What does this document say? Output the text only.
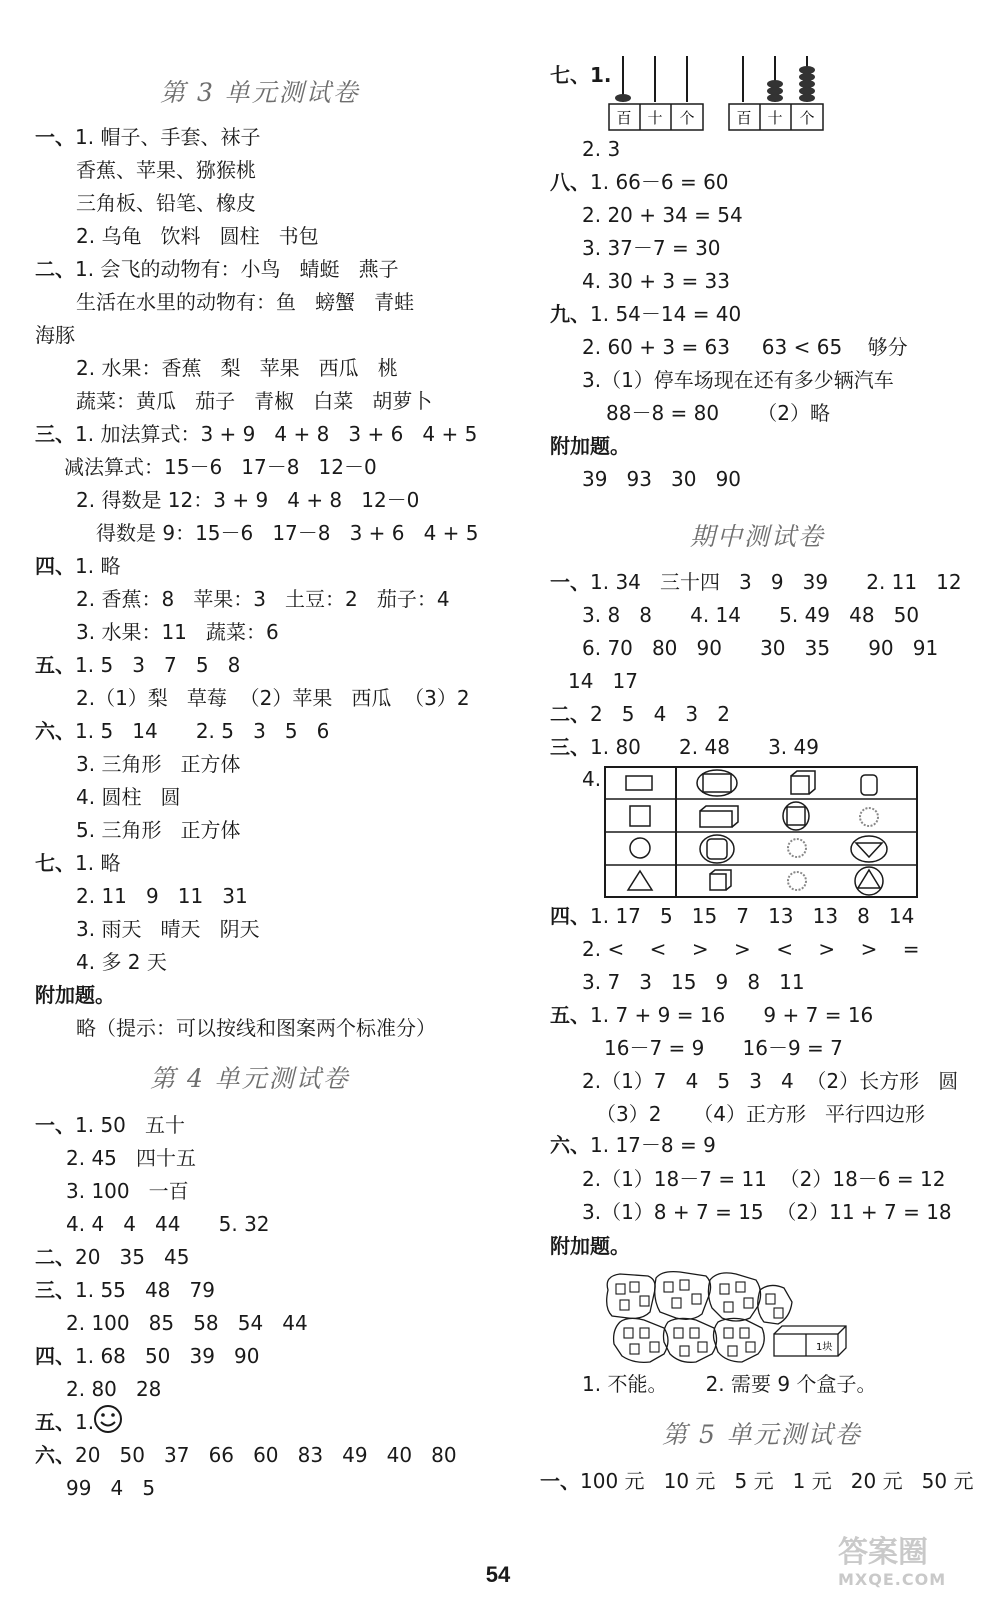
第 3 单元测试卷
一、1. 帽子、手套、袜子
香蕉、苹果、猕猴桃
三角板、铅笔、橡皮
2. 乌龟   饮料   圆柱   书包
二、1. 会飞的动物有：小鸟   蜻蜓   燕子
生活在水里的动物有：鱼   螃蟹   青蛙
海豚
2. 水果：香蕉   梨   苹果   西瓜   桃
蔬菜：黄瓜   茄子   青椒   白菜   胡萝卜
三、1. 加法算式：3 + 9   4 + 8   3 + 6   4 + 5
减法算式：15－6   17－8   12－0
2. 得数是 12：3 + 9   4 + 8   12－0
得数是 9：15－6   17－8   3 + 6   4 + 5
四、1. 略
2. 香蕉：8   苹果：3   土豆：2   茄子：4
3. 水果：11   蔬菜：6
五、1. 5   3   7   5   8
2.（1）梨   草莓  （2）苹果   西瓜  （3）2
六、1. 5   14      2. 5   3   5   6
3. 三角形   正方体
4. 圆柱   圆
5. 三角形   正方体
七、1. 略
2. 11   9   11   31
3. 雨天   晴天   阴天
4. 多 2 天
附加题。
略（提示：可以按线和图案两个标准分）
第 4 单元测试卷
一、1. 50   五十
2. 45   四十五
3. 100   一百
4. 4   4   44      5. 32
二、20   35   45
三、1. 55   48   79
2. 100   85   58   54   44
四、1. 68   50   39   90
2. 80   28
五、1.
六、20   50   37   66   60   83   49   40   80
99   4   5
七、1.
百 十 个	百 十 个
2. 3
八、1. 66－6 = 60
2. 20 + 34 = 54
3. 37－7 = 30
4. 30 + 3 = 33
九、1. 54－14 = 40
2. 60 + 3 = 63     63 < 65    够分
3.（1）停车场现在还有多少辆汽车
88－8 = 80      （2）略
附加题。
39   93   30   90
期中测试卷
一、1. 34   三十四   3   9   39      2. 11   12
3. 8   8      4. 14      5. 49   48   50
6. 70   80   90      30   35      90   91
14   17
二、2   5   4   3   2
三、1. 80      2. 48      3. 49
4.
四、1. 17   5   15   7   13   13   8   14
2. <    <    >    >    <    >    >    =
3. 7   3   15   9   8   11
五、1. 7 + 9 = 16      9 + 7 = 16
16－7 = 9      16－9 = 7
2.（1）7   4   5   3   4  （2）长方形   圆
（3）2     （4）正方形   平行四边形
六、1. 17－8 = 9
2.（1）18－7 = 11  （2）18－6 = 12
3.（1）8 + 7 = 15  （2）11 + 7 = 18
附加题。
1块
1. 不能。      2. 需要 9 个盒子。
第 5 单元测试卷
一、100 元   10 元   5 元   1 元   20 元   50 元
54
答案圈
MXQE.COM
